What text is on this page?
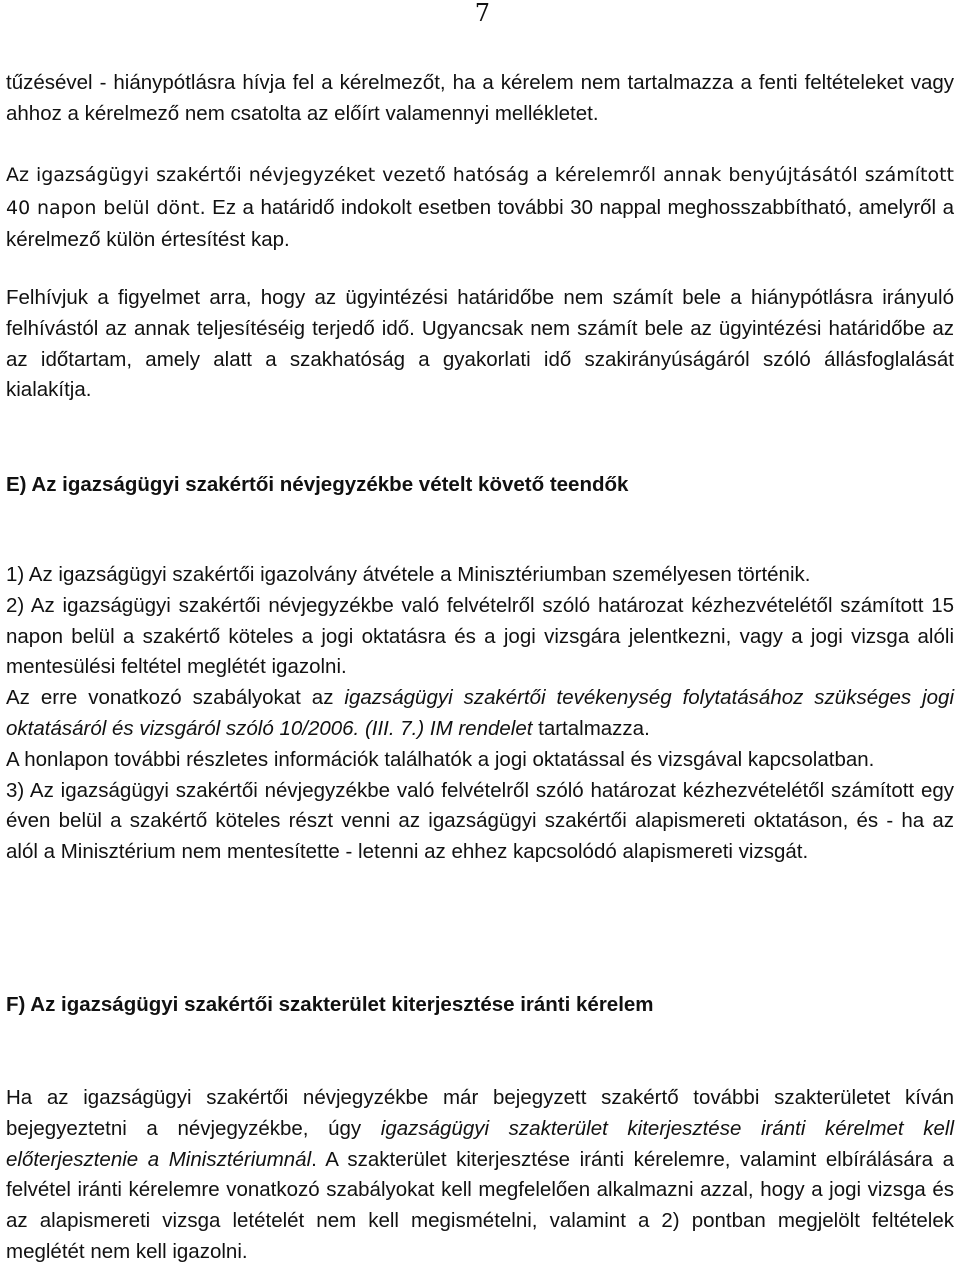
7

tűzésével - hiánypótlásra hívja fel a kérelmezőt, ha a kérelem nem tartalmazza a fenti feltételeket vagy ahhoz a kérelmező nem csatolta az előírt valamennyi mellékletet.

Az igazságügyi szakértői névjegyzéket vezető hatóság a kérelemről annak benyújtásától számított 40 napon belül dönt. Ez a határidő indokolt esetben további 30 nappal meghosszabbítható, amelyről a kérelmező külön értesítést kap.

Felhívjuk a figyelmet arra, hogy az ügyintézési határidőbe nem számít bele a hiánypótlásra irányuló felhívástól az annak teljesítéséig terjedő idő. Ugyancsak nem számít bele az ügyintézési határidőbe az az időtartam, amely alatt a szakhatóság a gyakorlati idő szakirányúságáról szóló állásfoglalását kialakítja.

E) Az igazságügyi szakértői névjegyzékbe vételt követő teendők

1) Az igazságügyi szakértői igazolvány átvétele a Minisztériumban személyesen történik.
2) Az igazságügyi szakértői névjegyzékbe való felvételről szóló határozat kézhezvételétől számított 15 napon belül a szakértő köteles a jogi oktatásra és a jogi vizsgára jelentkezni, vagy a jogi vizsga alóli mentesülési feltétel meglétét igazolni.
Az erre vonatkozó szabályokat az igazságügyi szakértői tevékenység folytatásához szükséges jogi oktatásáról és vizsgáról szóló 10/2006. (III. 7.) IM rendelet tartalmazza.
A honlapon további részletes információk találhatók a jogi oktatással és vizsgával kapcsolatban.
3) Az igazságügyi szakértői névjegyzékbe való felvételről szóló határozat kézhezvételétől számított egy éven belül a szakértő köteles részt venni az igazságügyi szakértői alapismereti oktatáson, és - ha az alól a Minisztérium nem mentesítette - letenni az ehhez kapcsolódó alapismereti vizsgát.

F) Az igazságügyi szakértői szakterület kiterjesztése iránti kérelem

Ha az igazságügyi szakértői névjegyzékbe már bejegyzett szakértő további szakterületet kíván bejegyeztetni a névjegyzékbe, úgy igazságügyi szakterület kiterjesztése iránti kérelmet kell előterjesztenie a Minisztériumnál. A szakterület kiterjesztése iránti kérelemre, valamint elbírálására a felvétel iránti kérelemre vonatkozó szabályokat kell megfelelően alkalmazni azzal, hogy a jogi vizsga és az alapismereti vizsga letételét nem kell megismételni, valamint a 2) pontban megjelölt feltételek meglétét nem kell igazolni.
